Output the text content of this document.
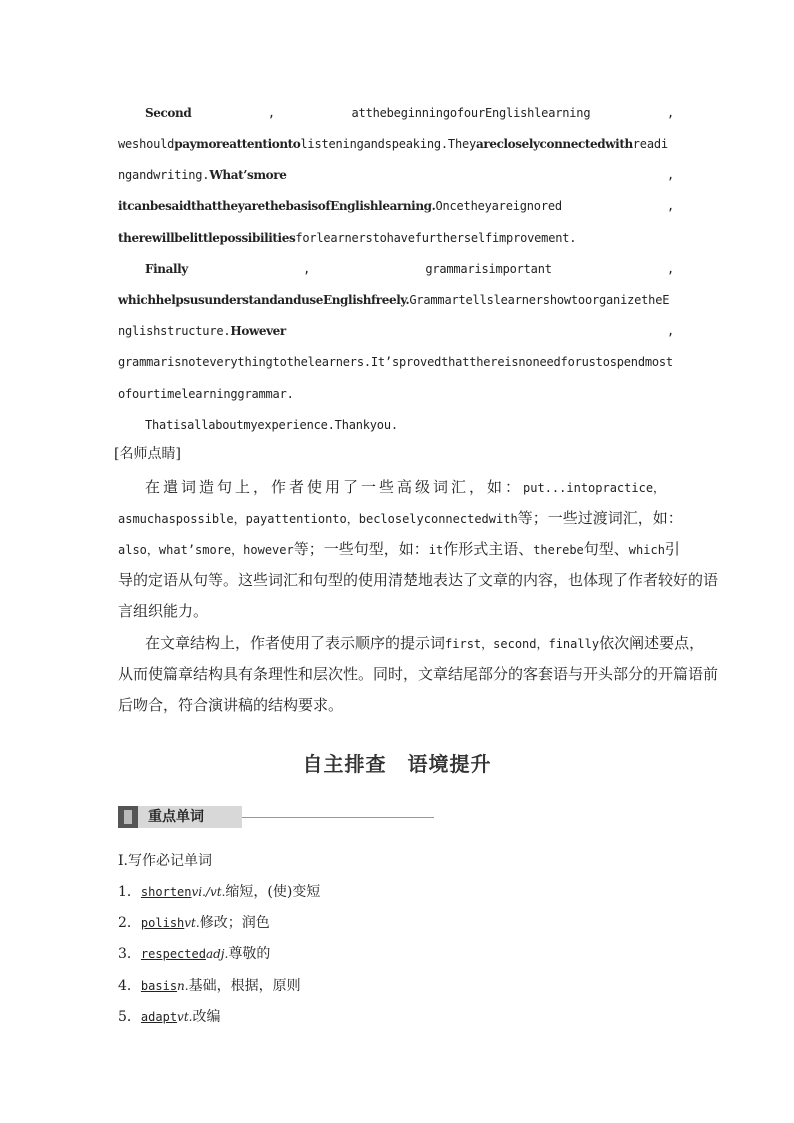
Second	,	atthebeginningofourEnglishlearning	,
weshouldpaymoreattentiontolisteningandspeaking.Theyarecloselyconnectedwithreadi
ngandwriting.What’smore	,
itcanbesaidthattheyarethebasisofEnglishlearning.Oncetheyareignored	,
therewillbelittlepossibilitiesforlearnerstohavefurtherselfimprovement.
Finally	,	grammarisimportant	,
whichhelpsusunderstandanduseEnglishfreely.GrammartellslearnershowtoorganizetheE
nglishstructure.However	,
grammarisnoteverythingtothelearners.It’sprovedthatthereisnoneedforustospendmost
ofourtimelearninggrammar.
Thatisallaboutmyexperience.Thankyou.
[名师点睛]
在遣词造句上，作者使用了一些高级词汇，如：put...intopractice，
asmuchaspossible，payattentionto，becloselyconnectedwith等；一些过渡词汇，如：
also，what’smore，however等；一些句型，如：it作形式主语、therebe句型、which引
导的定语从句等。这些词汇和句型的使用清楚地表达了文章的内容，也体现了作者较好的语
言组织能力。
在文章结构上，作者使用了表示顺序的提示词first，second，finally依次阐述要点，
从而使篇章结构具有条理性和层次性。同时，文章结尾部分的客套语与开头部分的开篇语前
后吻合，符合演讲稿的结构要求。
自主排查　语境提升
重点单词
Ⅰ.写作必记单词
1．shortenvi./vt.缩短，(使)变短
2．polishvt.修改；润色
3．respectedadj.尊敬的
4．basisn.基础，根据，原则
5．adaptvt.改编
